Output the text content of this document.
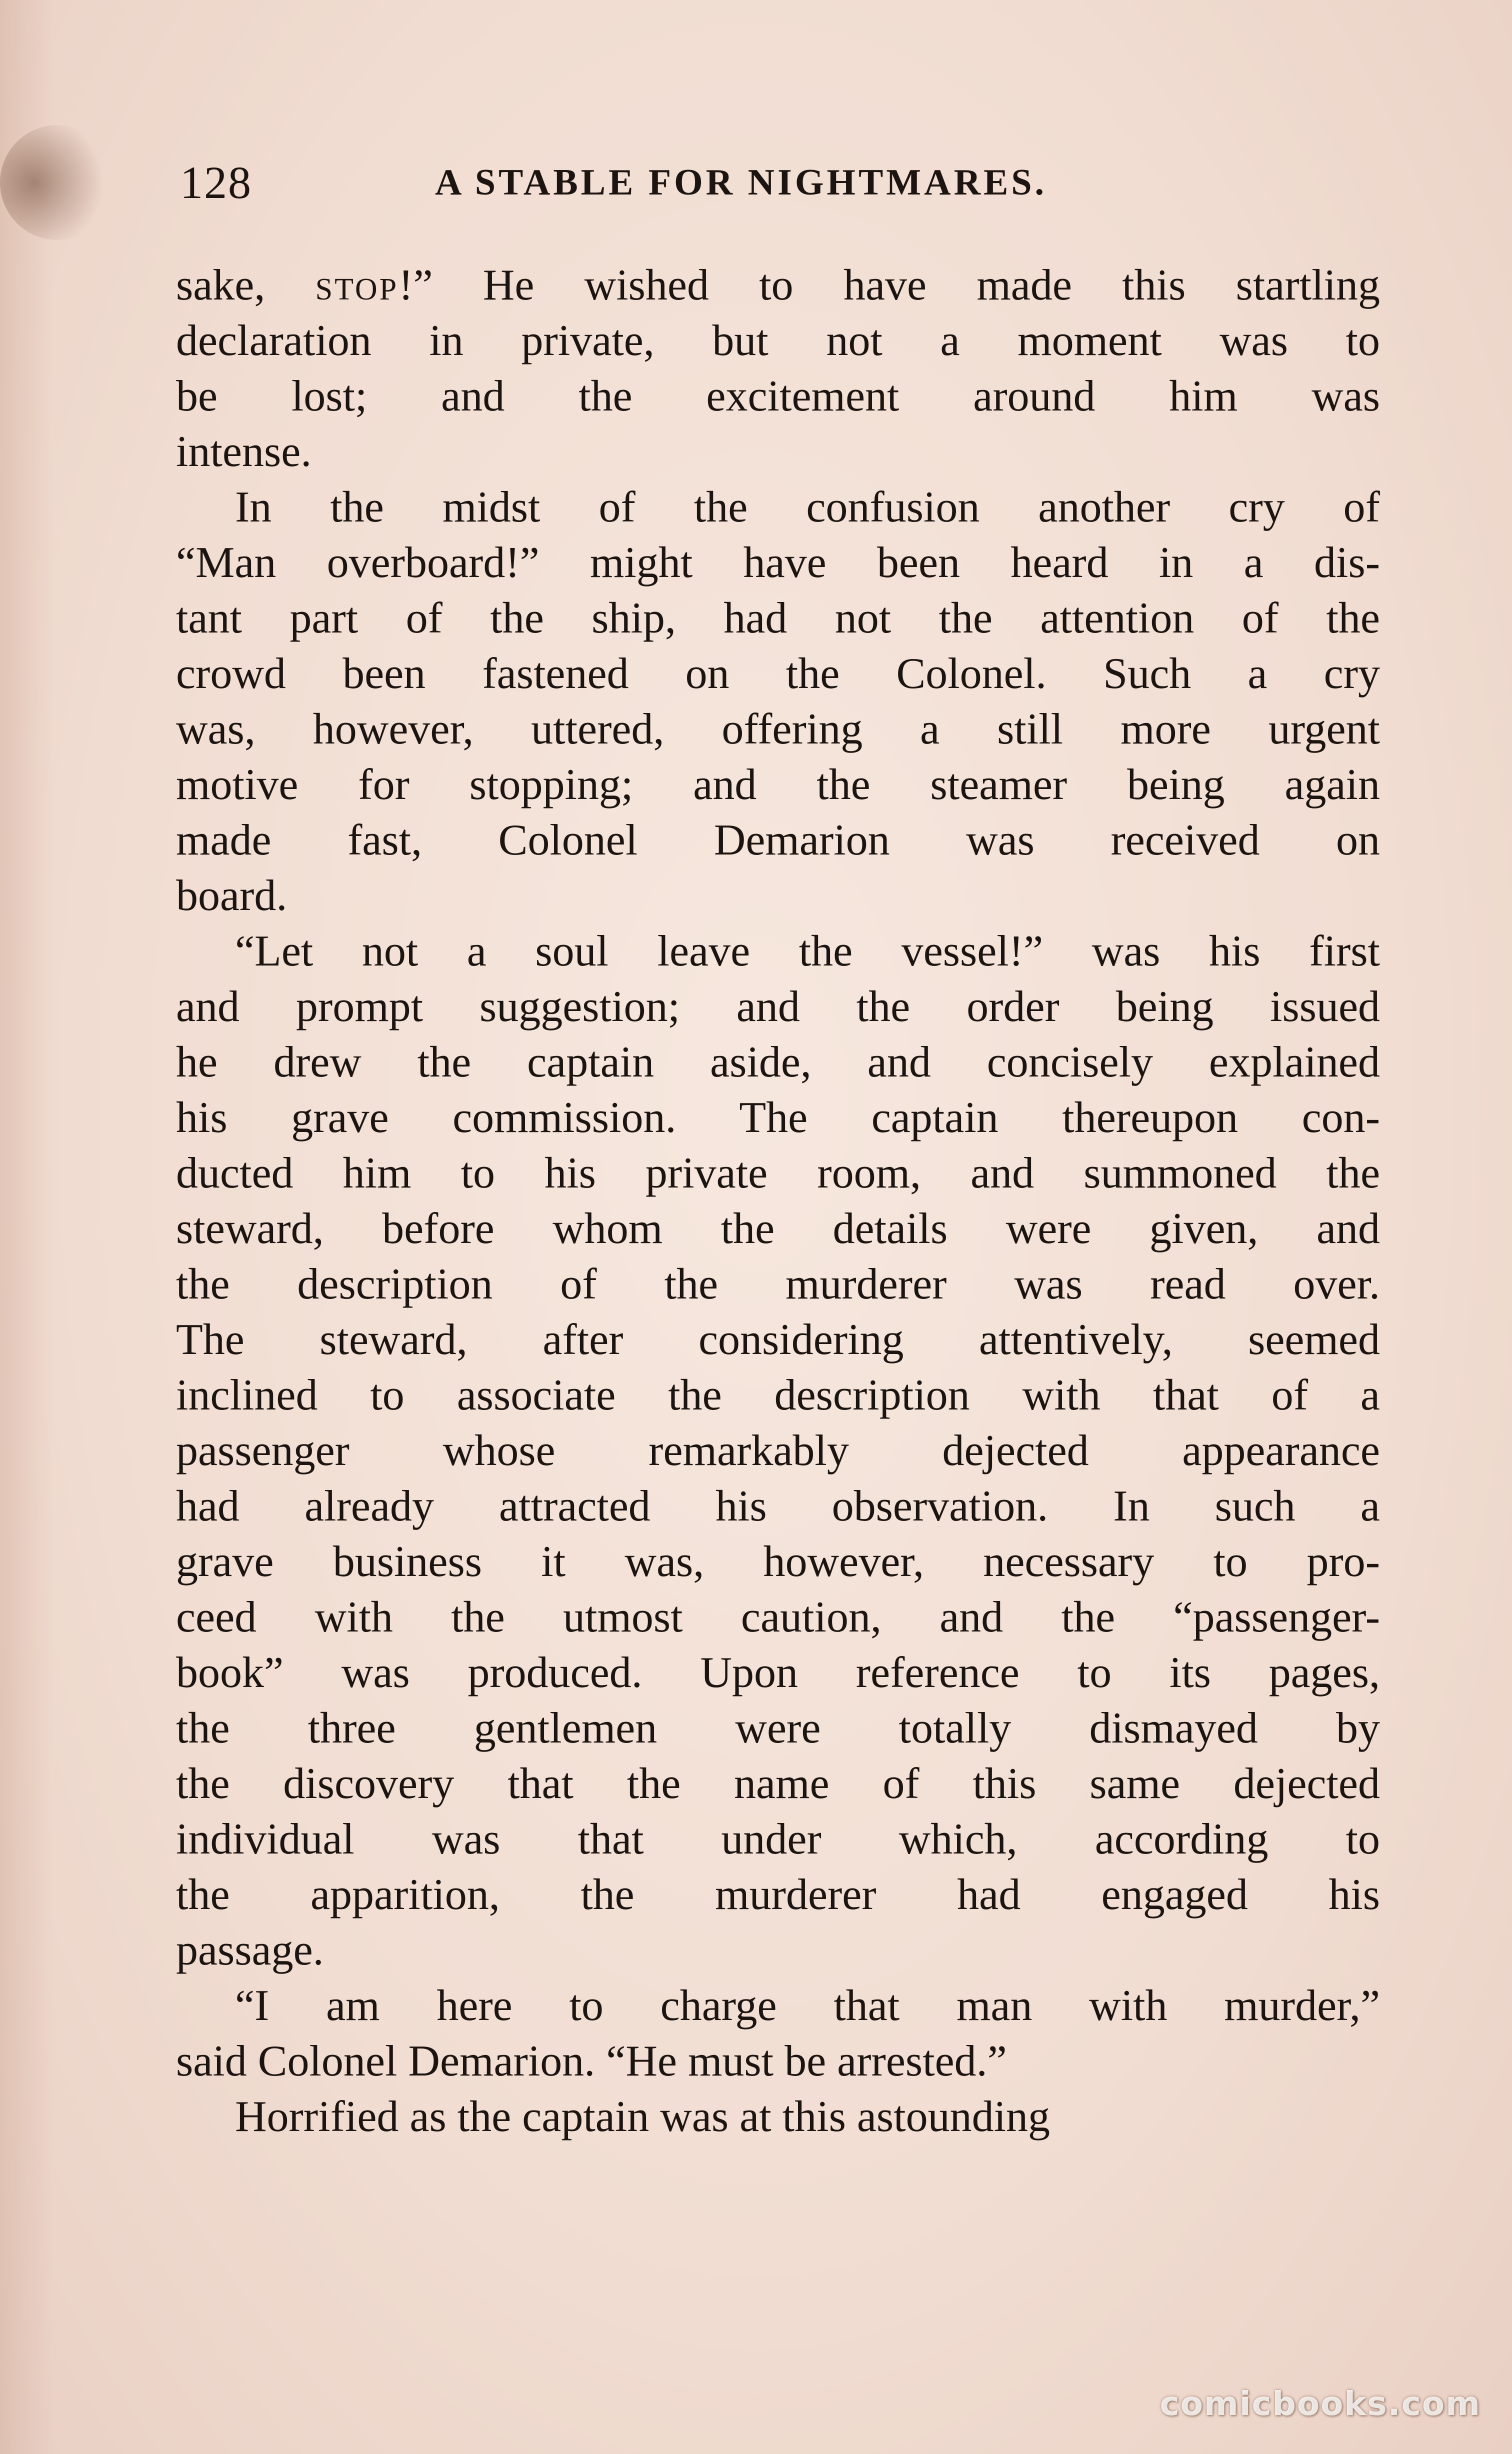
128	A STABLE FOR NIGHTMARES.
sake, stop!” He wished to have made this startling
declaration in private, but not a moment was to
be lost; and the excitement around him was
intense.
In the midst of the confusion another cry of
“Man overboard!” might have been heard in a dis-
tant part of the ship, had not the attention of the
crowd been fastened on the Colonel. Such a cry
was, however, uttered, offering a still more urgent
motive for stopping; and the steamer being again
made fast, Colonel Demarion was received on
board.
“Let not a soul leave the vessel!” was his first
and prompt suggestion; and the order being issued
he drew the captain aside, and concisely explained
his grave commission. The captain thereupon con-
ducted him to his private room, and summoned the
steward, before whom the details were given, and
the description of the murderer was read over.
The steward, after considering attentively, seemed
inclined to associate the description with that of a
passenger whose remarkably dejected appearance
had already attracted his observation. In such a
grave business it was, however, necessary to pro-
ceed with the utmost caution, and the “passenger-
book” was produced. Upon reference to its pages,
the three gentlemen were totally dismayed by
the discovery that the name of this same dejected
individual was that under which, according to
the apparition, the murderer had engaged his
passage.
“I am here to charge that man with murder,”
said Colonel Demarion. “He must be arrested.”
Horrified as the captain was at this astounding
comicbooks.com
